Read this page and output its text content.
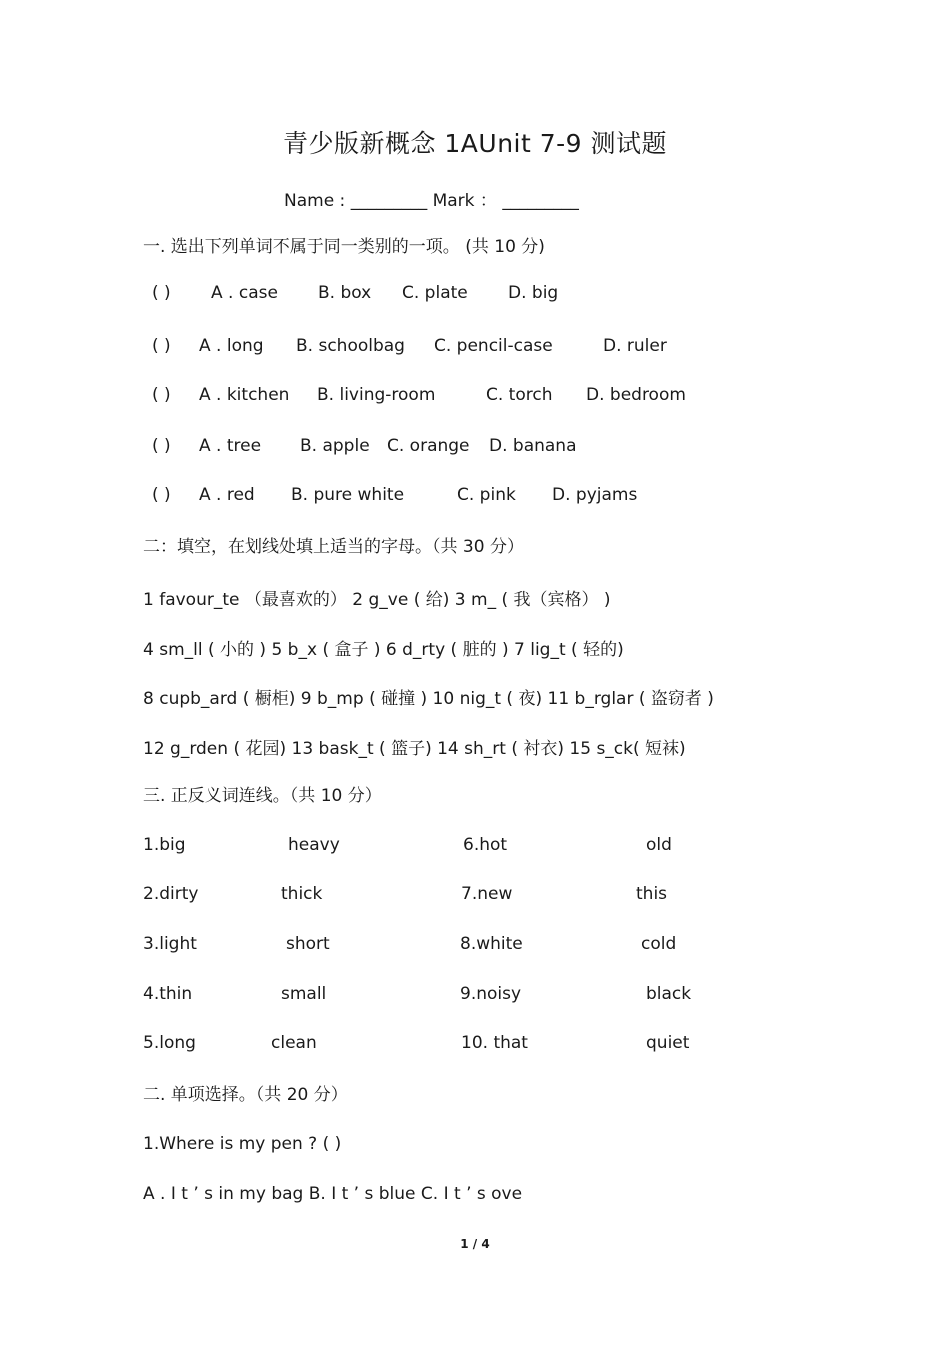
青少版新概念 1AUnit 7-9 测试题
Name : _________ Mark ： _________
一. 选出下列单词不属于同一类别的一项。 (共 10 分)
( ) A . case B. box C. plate D. big
( ) A . long B. schoolbag C. pencil-case	D. ruler
( ) A . kitchen B. living-room	C. torch D. bedroom
( ) A . tree B. apple C. orange D. banana
( ) A . red B. pure white	C. pink D. pyjams
二：填空，在划线处填上适当的字母。（共 30 分）
1 favour_te （最喜欢的） 2 g_ve ( 给) 3 m_ ( 我（宾格） )
4 sm_ll ( 小的 ) 5 b_x ( 盒子 ) 6 d_rty ( 脏的 ) 7 lig_t ( 轻的)
8 cupb_ard ( 橱柜) 9 b_mp ( 碰撞 ) 10 nig_t ( 夜) 11 b_rglar ( 盗窃者 )
12 g_rden ( 花园) 13 bask_t ( 篮子) 14 sh_rt ( 衬衣) 15 s_ck( 短袜)
三. 正反义词连线。（共 10 分）
1.big	heavy	6.hot	old
2.dirty	thick	7.new	this
3.light	short	8.white	cold
4.thin	small	9.noisy	black
5.long	clean	10. that	quiet
二. 单项选择。（共 20 分）
1.Where is my pen ? ( )
A . I t ’ s in my bag B. I t ’ s blue C. I t ’ s ove
1 / 4
